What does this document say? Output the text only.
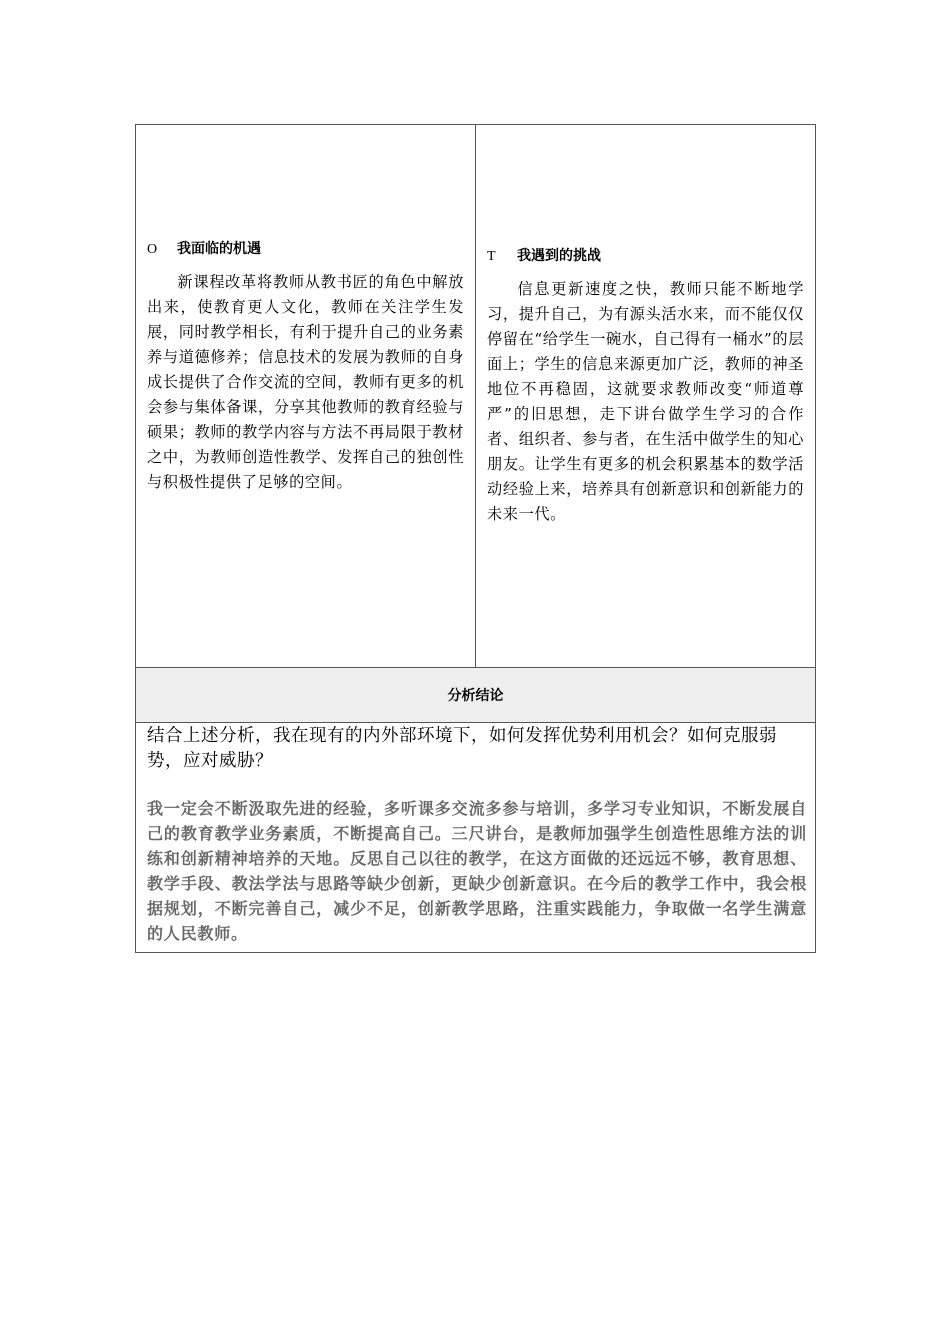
O 我面临的机遇
新课程改革将教师从教书匠的角色中解放出来，使教育更人文化，教师在关注学生发展，同时教学相长，有利于提升自己的业务素养与道德修养；信息技术的发展为教师的自身成长提供了合作交流的空间，教师有更多的机会参与集体备课，分享其他教师的教育经验与硕果；教师的教学内容与方法不再局限于教材之中，为教师创造性教学、发挥自己的独创性与积极性提供了足够的空间。

T 我遇到的挑战
信息更新速度之快，教师只能不断地学习，提升自己，为有源头活水来，而不能仅仅停留在“给学生一碗水，自己得有一桶水”的层面上；学生的信息来源更加广泛，教师的神圣地位不再稳固，这就要求教师改变“师道尊严”的旧思想，走下讲台做学生学习的合作者、组织者、参与者，在生活中做学生的知心朋友。让学生有更多的机会积累基本的数学活动经验上来，培养具有创新意识和创新能力的未来一代。

分析结论

结合上述分析，我在现有的内外部环境下，如何发挥优势利用机会？如何克服弱势，应对威胁？
我一定会不断汲取先进的经验，多听课多交流多参与培训，多学习专业知识，不断发展自己的教育教学业务素质，不断提高自己。三尺讲台，是教师加强学生创造性思维方法的训练和创新精神培养的天地。反思自己以往的教学，在这方面做的还远远不够，教育思想、教学手段、教法学法与思路等缺少创新，更缺少创新意识。在今后的教学工作中，我会根据规划，不断完善自己，减少不足，创新教学思路，注重实践能力，争取做一名学生满意的人民教师。
